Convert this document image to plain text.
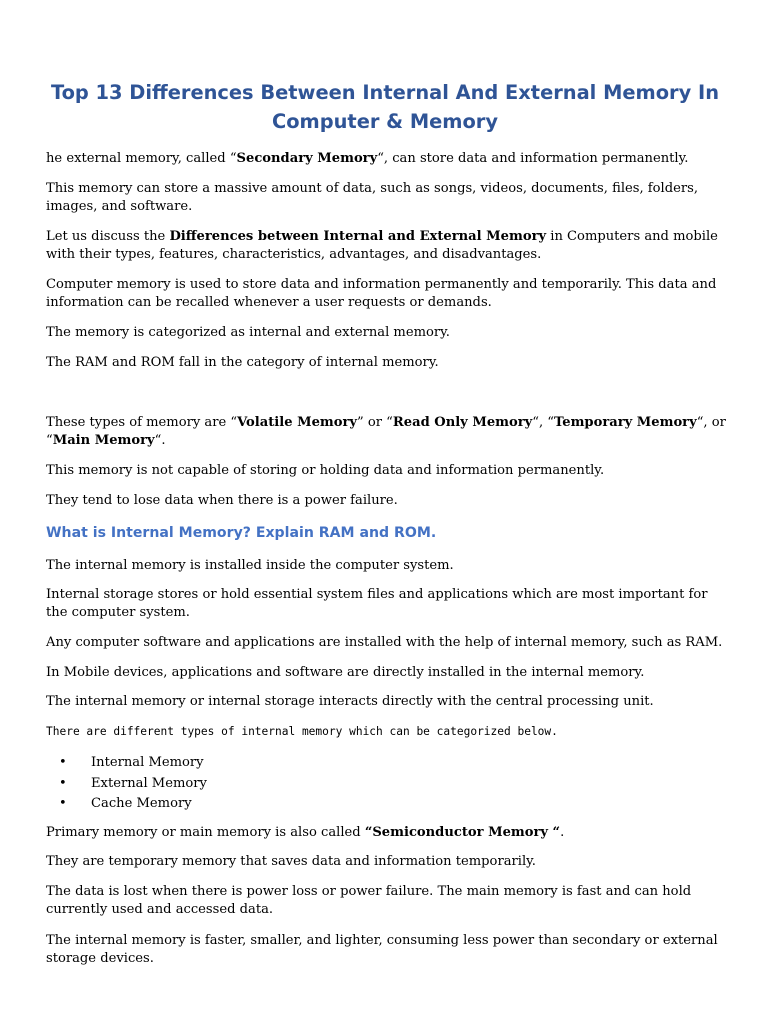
Top 13 Differences Between Internal And External Memory In Computer & Memory

he external memory, called “Secondary Memory“, can store data and information permanently.

This memory can store a massive amount of data, such as songs, videos, documents, files, folders, images, and software.

Let us discuss the Differences between Internal and External Memory in Computers and mobile with their types, features, characteristics, advantages, and disadvantages.

Computer memory is used to store data and information permanently and temporarily. This data and information can be recalled whenever a user requests or demands.

The memory is categorized as internal and external memory.

The RAM and ROM fall in the category of internal memory.

These types of memory are “Volatile Memory” or “Read Only Memory“, “Temporary Memory“, or “Main Memory“.

This memory is not capable of storing or holding data and information permanently.

They tend to lose data when there is a power failure.

What is Internal Memory? Explain RAM and ROM.

The internal memory is installed inside the computer system.

Internal storage stores or hold essential system files and applications which are most important for the computer system.

Any computer software and applications are installed with the help of internal memory, such as RAM.

In Mobile devices, applications and software are directly installed in the internal memory.

The internal memory or internal storage interacts directly with the central processing unit.

There are different types of internal memory which can be categorized below.

• Internal Memory
• External Memory
• Cache Memory

Primary memory or main memory is also called “Semiconductor Memory “.

They are temporary memory that saves data and information temporarily.

The data is lost when there is power loss or power failure. The main memory is fast and can hold currently used and accessed data.

The internal memory is faster, smaller, and lighter, consuming less power than secondary or external storage devices.
